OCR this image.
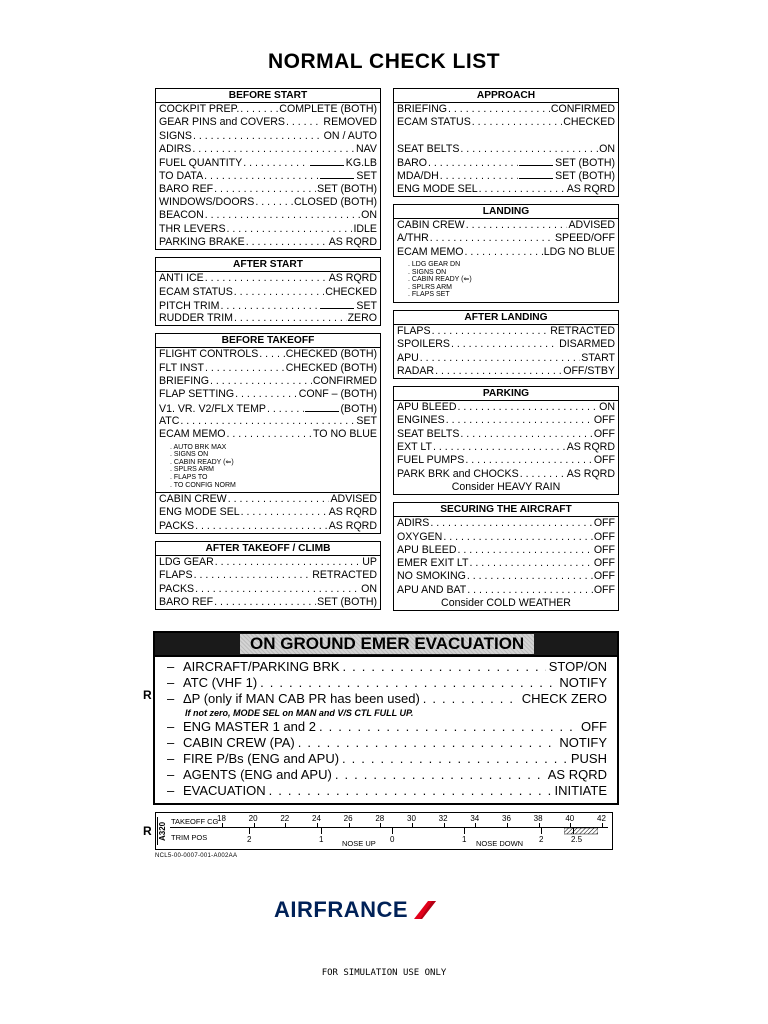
NORMAL CHECK LIST
BEFORE START
COCKPIT PREP. . . .	COMPLETE (BOTH)
GEAR PINS and COVERS . . .	REMOVED
SIGNS . . .	ON / AUTO
ADIRS . . .	NAV
FUEL QUANTITY . . .	KG.LB
TO DATA . . .	SET
BARO REF . . .	SET (BOTH)
WINDOWS/DOORS . . .	CLOSED (BOTH)
BEACON . . .	ON
THR LEVERS . . .	IDLE
PARKING BRAKE . . .	AS RQRD
AFTER START
ANTI ICE . . .	AS RQRD
ECAM STATUS . . .	CHECKED
PITCH TRIM . . .	SET
RUDDER TRIM . . .	ZERO
BEFORE TAKEOFF
FLIGHT CONTROLS . . .	CHECKED (BOTH)
FLT INST . . .	CHECKED (BOTH)
BRIEFING . . .	CONFIRMED
FLAP SETTING . . .	CONF – (BOTH)
V1. VR. V2/FLX TEMP . . .	(BOTH)
ATC . . .	SET
ECAM MEMO . . .	TO NO BLUE
. AUTO BRK MAX
. SIGNS ON
. CABIN READY (⇐)
. SPLRS ARM
. FLAPS TO
. TO CONFIG NORM
CABIN CREW . . .	ADVISED
ENG MODE SEL . . .	AS RQRD
PACKS . . .	AS RQRD
AFTER TAKEOFF / CLIMB
LDG GEAR . . .	UP
FLAPS . . .	RETRACTED
PACKS . . .	ON
BARO REF . . .	SET (BOTH)
APPROACH
BRIEFING . . .	CONFIRMED
ECAM STATUS . . .	CHECKED
SEAT BELTS . . .	ON
BARO . . .	SET (BOTH)
MDA/DH . . .	SET (BOTH)
ENG MODE SEL . . .	AS RQRD
LANDING
CABIN CREW . . .	ADVISED
A/THR . . .	SPEED/OFF
ECAM MEMO . . .	LDG NO BLUE
. LDG GEAR DN
. SIGNS ON
. CABIN READY (⇐)
. SPLRS ARM
. FLAPS SET
AFTER LANDING
FLAPS . . .	RETRACTED
SPOILERS . . .	DISARMED
APU . . .	START
RADAR . . .	OFF/STBY
PARKING
APU BLEED . . .	ON
ENGINES . . .	OFF
SEAT BELTS . . .	OFF
EXT LT . . .	AS RQRD
FUEL PUMPS . . .	OFF
PARK BRK and CHOCKS . . .	AS RQRD
Consider HEAVY RAIN
SECURING THE AIRCRAFT
ADIRS . . .	OFF
OXYGEN . . .	OFF
APU BLEED . . .	OFF
EMER EXIT LT . . .	OFF
NO SMOKING . . .	OFF
APU AND BAT . . .	OFF
Consider COLD WEATHER
ON GROUND EMER EVACUATION
– AIRCRAFT/PARKING BRK . . .	STOP/ON
– ATC (VHF 1) . . .	NOTIFY
– ΔP (only if MAN CAB PR has been used) . . .	CHECK ZERO
If not zero, MODE SEL on MAN and V/S CTL FULL UP.
– ENG MASTER 1 and 2 . . .	OFF
– CABIN CREW (PA) . . .	NOTIFY
– FIRE P/Bs (ENG and APU) . . .	PUSH
– AGENTS (ENG and APU) . . .	AS RQRD
– EVACUATION . . .	INITIATE
R
R A320 TAKEOFF CG
TRIM POS
18	20	22	24	26	28	30	32	34	36	38	40	42
2	1	0	1	2	2.5
NOSE UP	NOSE DOWN
NCL5-00-0007-001-A002AA
AIRFRANCE
FOR SIMULATION USE ONLY
